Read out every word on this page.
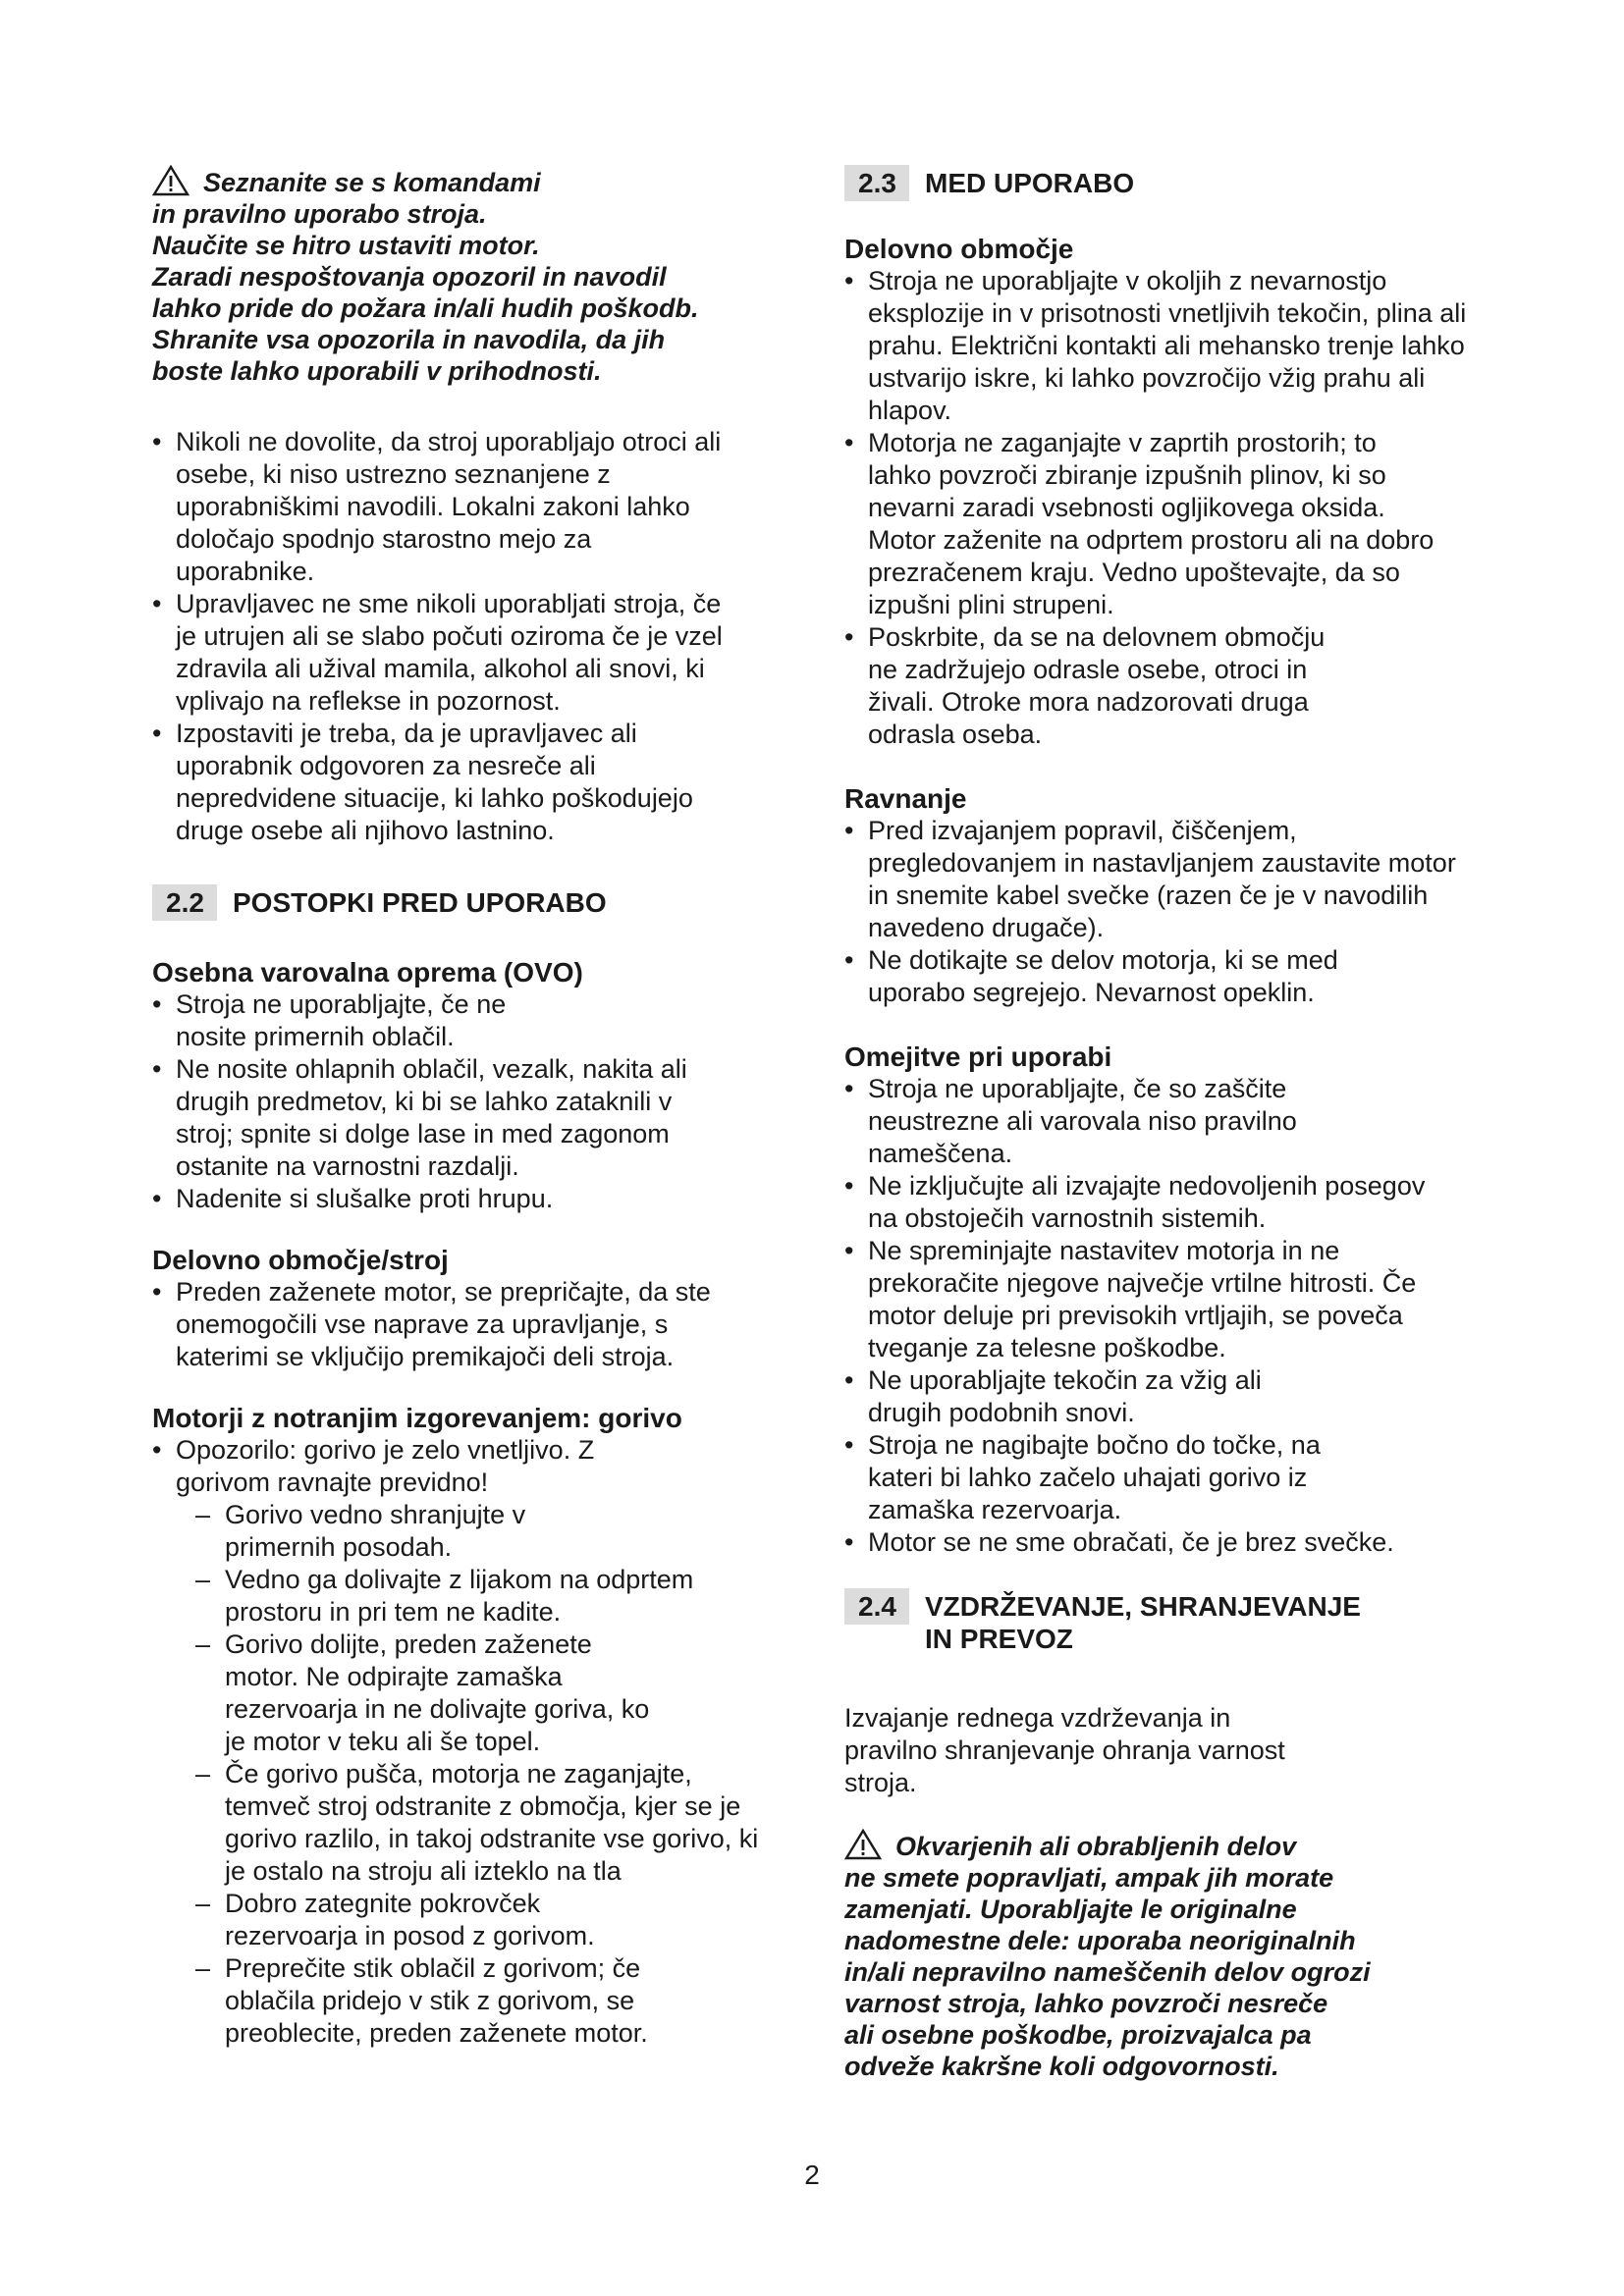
Seznanite se s komandami

in pravilno uporabo stroja.

Naučite se hitro ustaviti motor.

Zaradi nespoštovanja opozoril in navodil

lahko pride do požara in/ali hudih poškodb.

Shranite vsa opozorila in navodila, da jih

boste lahko uporabili v prihodnosti.

• Nikoli ne dovolite, da stroj uporabljajo otroci ali osebe, ki niso ustrezno seznanjene z uporabniškimi navodili. Lokalni zakoni lahko določajo spodnjo starostno mejo za uporabnike.

• Upravljavec ne sme nikoli uporabljati stroja, če je utrujen ali se slabo počuti oziroma če je vzel zdravila ali užival mamila, alkohol ali snovi, ki vplivajo na reflekse in pozornost.

• Izpostaviti je treba, da je upravljavec ali uporabnik odgovoren za nesreče ali nepredvidene situacije, ki lahko poškodujejo druge osebe ali njihovo lastnino.

2.2	POSTOPKI PRED UPORABO

Osebna varovalna oprema (OVO)

• Stroja ne uporabljajte, če ne nosite primernih oblačil.

• Ne nosite ohlapnih oblačil, vezalk, nakita ali drugih predmetov, ki bi se lahko zataknili v stroj; spnite si dolge lase in med zagonom ostanite na varnostni razdalji.

• Nadenite si slušalke proti hrupu.

Delovno območje/stroj

• Preden zaženete motor, se prepričajte, da ste onemogočili vse naprave za upravljanje, s katerimi se vključijo premikajoči deli stroja.

Motorji z notranjim izgorevanjem: gorivo

• Opozorilo: gorivo je zelo vnetljivo. Z gorivom ravnajte previdno!

– Gorivo vedno shranjujte v primernih posodah.

– Vedno ga dolivajte z lijakom na odprtem prostoru in pri tem ne kadite.

– Gorivo dolijte, preden zaženete motor. Ne odpirajte zamaška rezervoarja in ne dolivajte goriva, ko je motor v teku ali še topel.

– Če gorivo pušča, motorja ne zaganjajte, temveč stroj odstranite z območja, kjer se je gorivo razlilo, in takoj odstranite vse gorivo, ki je ostalo na stroju ali izteklo na tla

– Dobro zategnite pokrovček rezervoarja in posod z gorivom.

– Preprečite stik oblačil z gorivom; če oblačila pridejo v stik z gorivom, se preoblecite, preden zaženete motor.

2.3	MED UPORABO

Delovno območje

• Stroja ne uporabljajte v okoljih z nevarnostjo eksplozije in v prisotnosti vnetljivih tekočin, plina ali prahu. Električni kontakti ali mehansko trenje lahko ustvarijo iskre, ki lahko povzročijo vžig prahu ali hlapov.

• Motorja ne zaganjajte v zaprtih prostorih; to lahko povzroči zbiranje izpušnih plinov, ki so nevarni zaradi vsebnosti ogljikovega oksida. Motor zaženite na odprtem prostoru ali na dobro prezračenem kraju. Vedno upoštevajte, da so izpušni plini strupeni.

• Poskrbite, da se na delovnem območju ne zadržujejo odrasle osebe, otroci in živali. Otroke mora nadzorovati druga odrasla oseba.

Ravnanje

• Pred izvajanjem popravil, čiščenjem, pregledovanjem in nastavljanjem zaustavite motor in snemite kabel svečke (razen če je v navodilih navedeno drugače).

• Ne dotikajte se delov motorja, ki se med uporabo segrejejo. Nevarnost opeklin.

Omejitve pri uporabi

• Stroja ne uporabljajte, če so zaščite neustrezne ali varovala niso pravilno nameščena.

• Ne izključujte ali izvajajte nedovoljenih posegov na obstoječih varnostnih sistemih.

• Ne spreminjajte nastavitev motorja in ne prekoračite njegove največje vrtilne hitrosti. Če motor deluje pri previsokih vrtljajih, se poveča tveganje za telesne poškodbe.

• Ne uporabljajte tekočin za vžig ali drugih podobnih snovi.

• Stroja ne nagibajte bočno do točke, na kateri bi lahko začelo uhajati gorivo iz zamaška rezervoarja.

• Motor se ne sme obračati, če je brez svečke.

2.4	VZDRŽEVANJE, SHRANJEVANJE
IN PREVOZ

Izvajanje rednega vzdrževanja in pravilno shranjevanje ohranja varnost stroja.

Okvarjenih ali obrabljenih delov

ne smete popravljati, ampak jih morate

zamenjati. Uporabljajte le originalne

nadomestne dele: uporaba neoriginalnih

in/ali nepravilno nameščenih delov ogrozi

varnost stroja, lahko povzroči nesreče

ali osebne poškodbe, proizvajalca pa

odveže kakršne koli odgovornosti.

2
